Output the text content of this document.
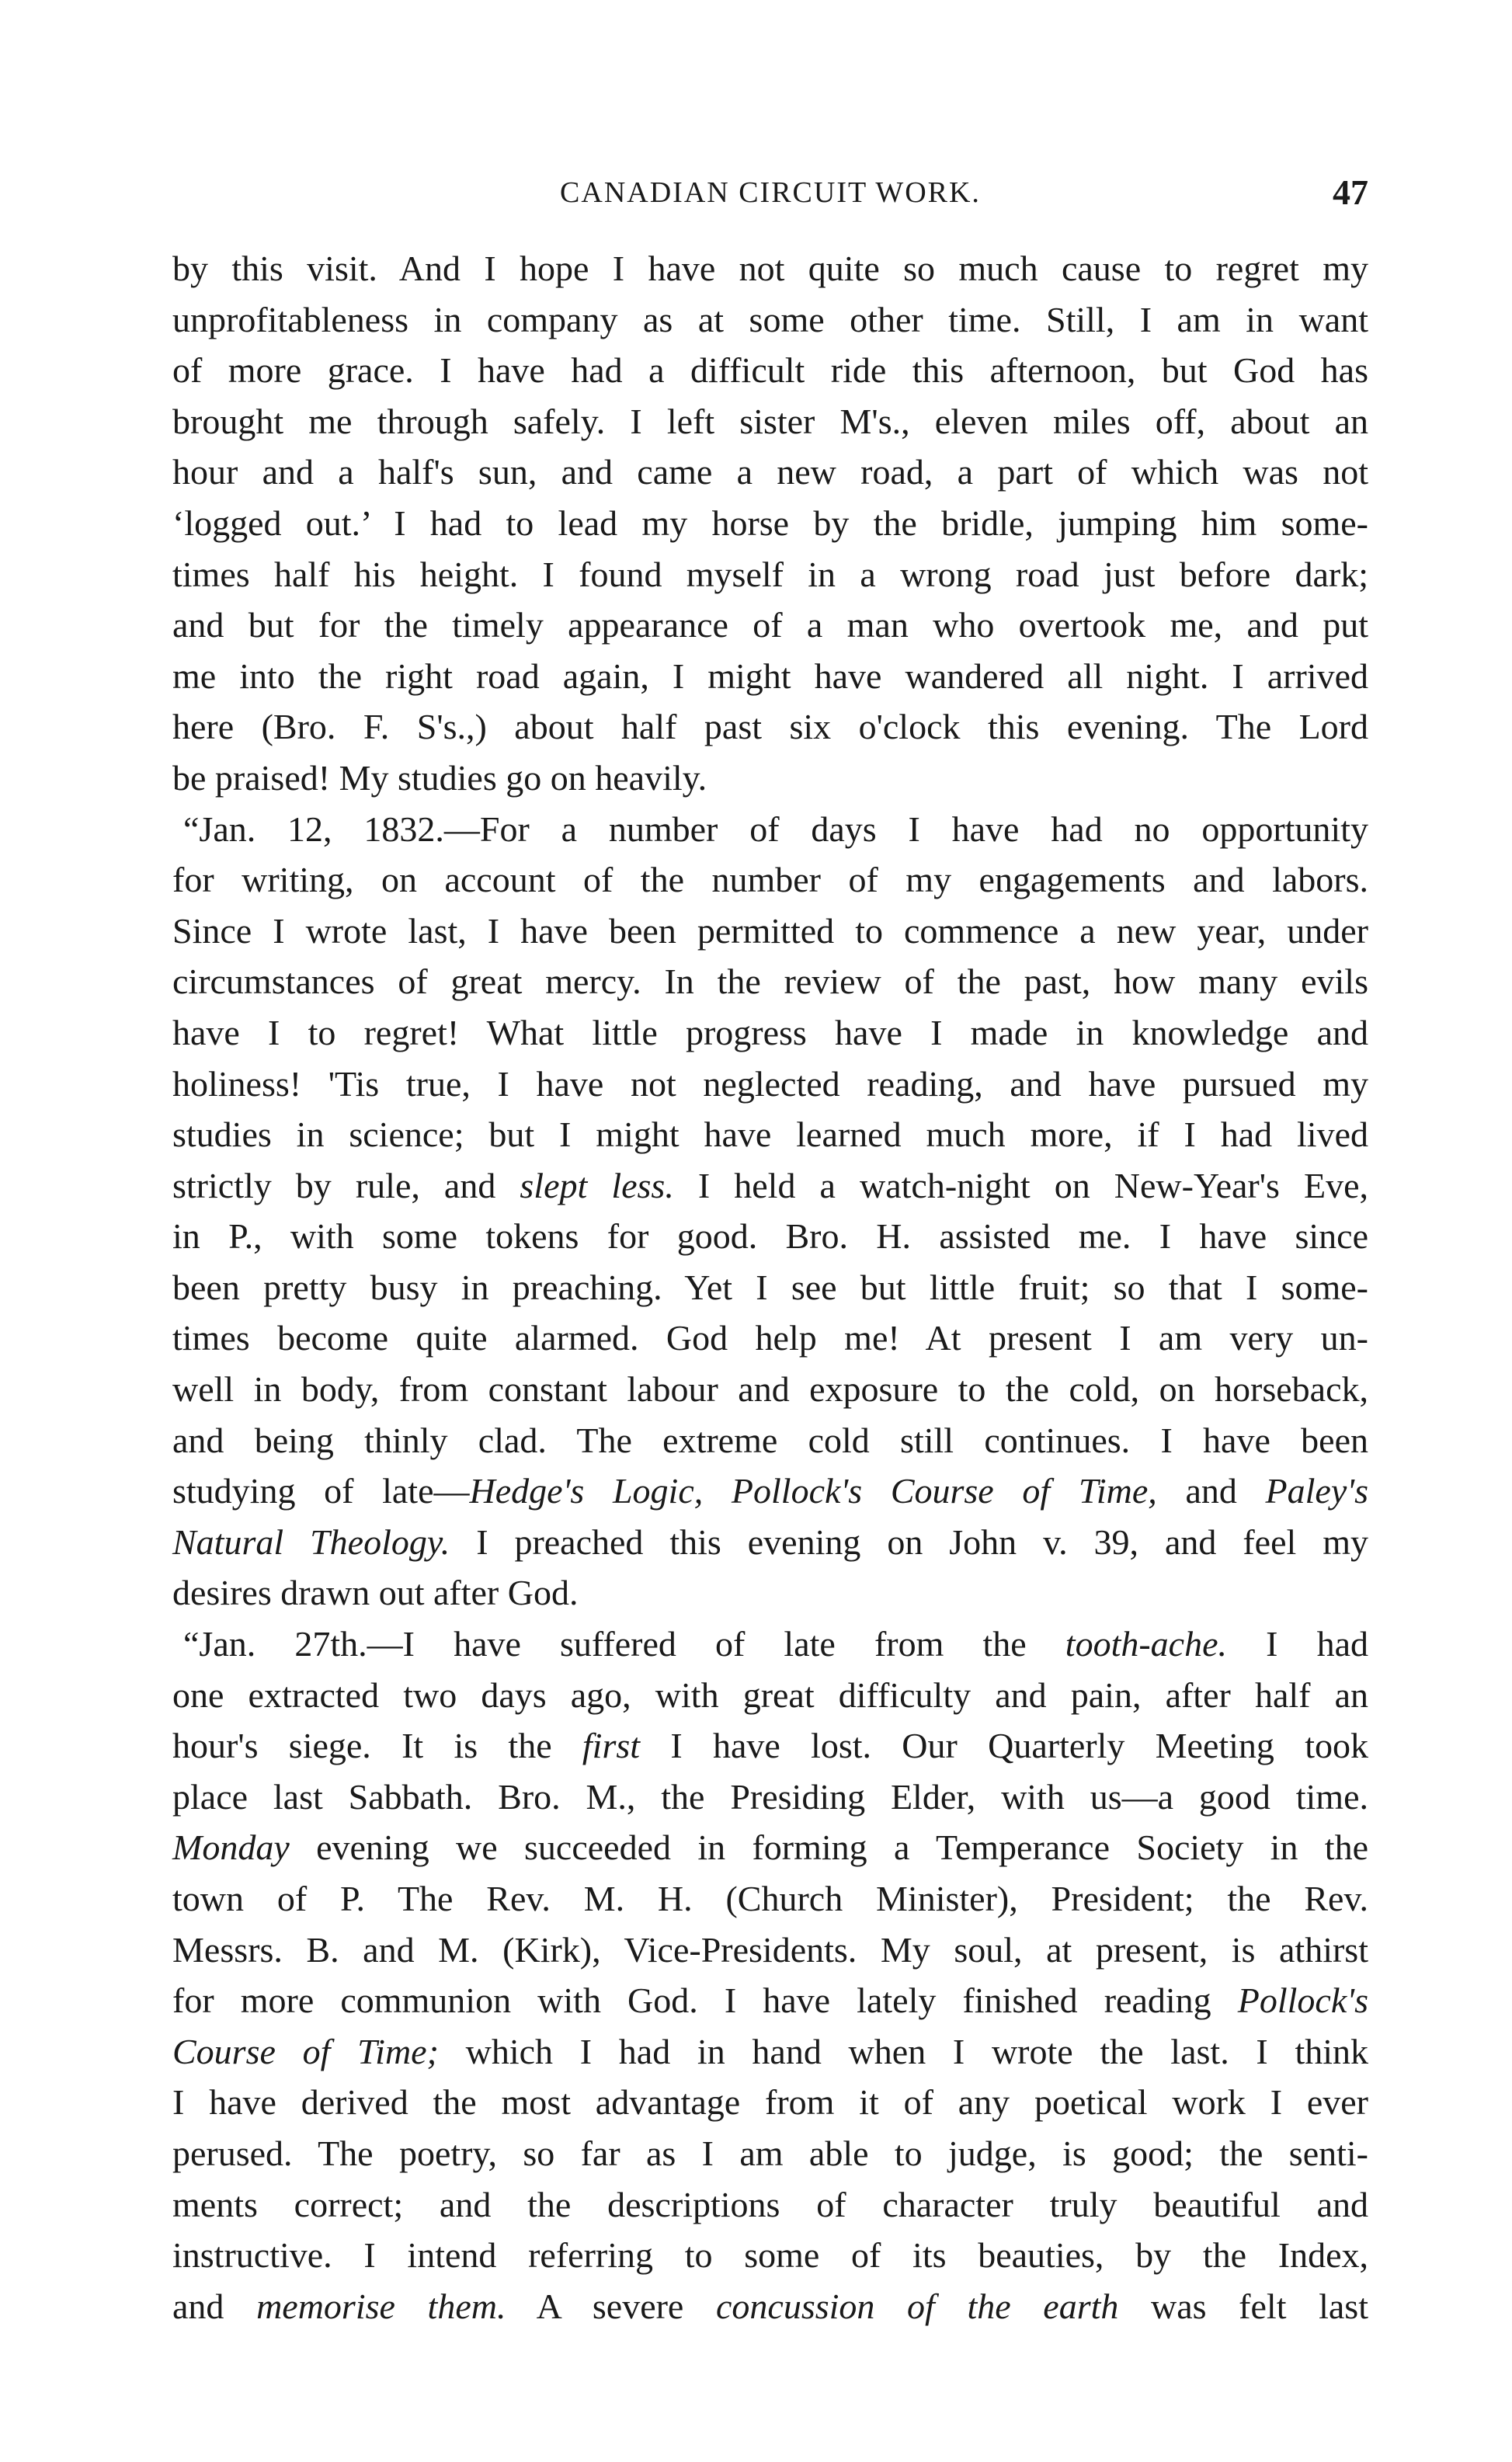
CANADIAN CIRCUIT WORK.	47
by this visit. And I hope I have not quite so much cause to regret my
unprofitableness in company as at some other time. Still, I am in want
of more grace. I have had a difficult ride this afternoon, but God has
brought me through safely. I left sister M's., eleven miles off, about an
hour and a half's sun, and came a new road, a part of which was not
‘logged out.’ I had to lead my horse by the bridle, jumping him some-
times half his height. I found myself in a wrong road just before dark;
and but for the timely appearance of a man who overtook me, and put
me into the right road again, I might have wandered all night. I arrived
here (Bro. F. S's.,) about half past six o'clock this evening. The Lord
be praised! My studies go on heavily.
“Jan. 12, 1832.—For a number of days I have had no opportunity
for writing, on account of the number of my engagements and labors.
Since I wrote last, I have been permitted to commence a new year, under
circumstances of great mercy. In the review of the past, how many evils
have I to regret! What little progress have I made in knowledge and
holiness! 'Tis true, I have not neglected reading, and have pursued my
studies in science; but I might have learned much more, if I had lived
strictly by rule, and slept less. I held a watch-night on New-Year's Eve,
in P., with some tokens for good. Bro. H. assisted me. I have since
been pretty busy in preaching. Yet I see but little fruit; so that I some-
times become quite alarmed. God help me! At present I am very un-
well in body, from constant labour and exposure to the cold, on horseback,
and being thinly clad. The extreme cold still continues. I have been
studying of late—Hedge's Logic, Pollock's Course of Time, and Paley's
Natural Theology. I preached this evening on John v. 39, and feel my
desires drawn out after God.
“Jan. 27th.—I have suffered of late from the tooth-ache. I had
one extracted two days ago, with great difficulty and pain, after half an
hour's siege. It is the first I have lost. Our Quarterly Meeting took
place last Sabbath. Bro. M., the Presiding Elder, with us—a good time.
Monday evening we succeeded in forming a Temperance Society in the
town of P. The Rev. M. H. (Church Minister), President; the Rev.
Messrs. B. and M. (Kirk), Vice-Presidents. My soul, at present, is athirst
for more communion with God. I have lately finished reading Pollock's
Course of Time; which I had in hand when I wrote the last. I think
I have derived the most advantage from it of any poetical work I ever
perused. The poetry, so far as I am able to judge, is good; the senti-
ments correct; and the descriptions of character truly beautiful and
instructive. I intend referring to some of its beauties, by the Index,
and memorise them. A severe concussion of the earth was felt last
